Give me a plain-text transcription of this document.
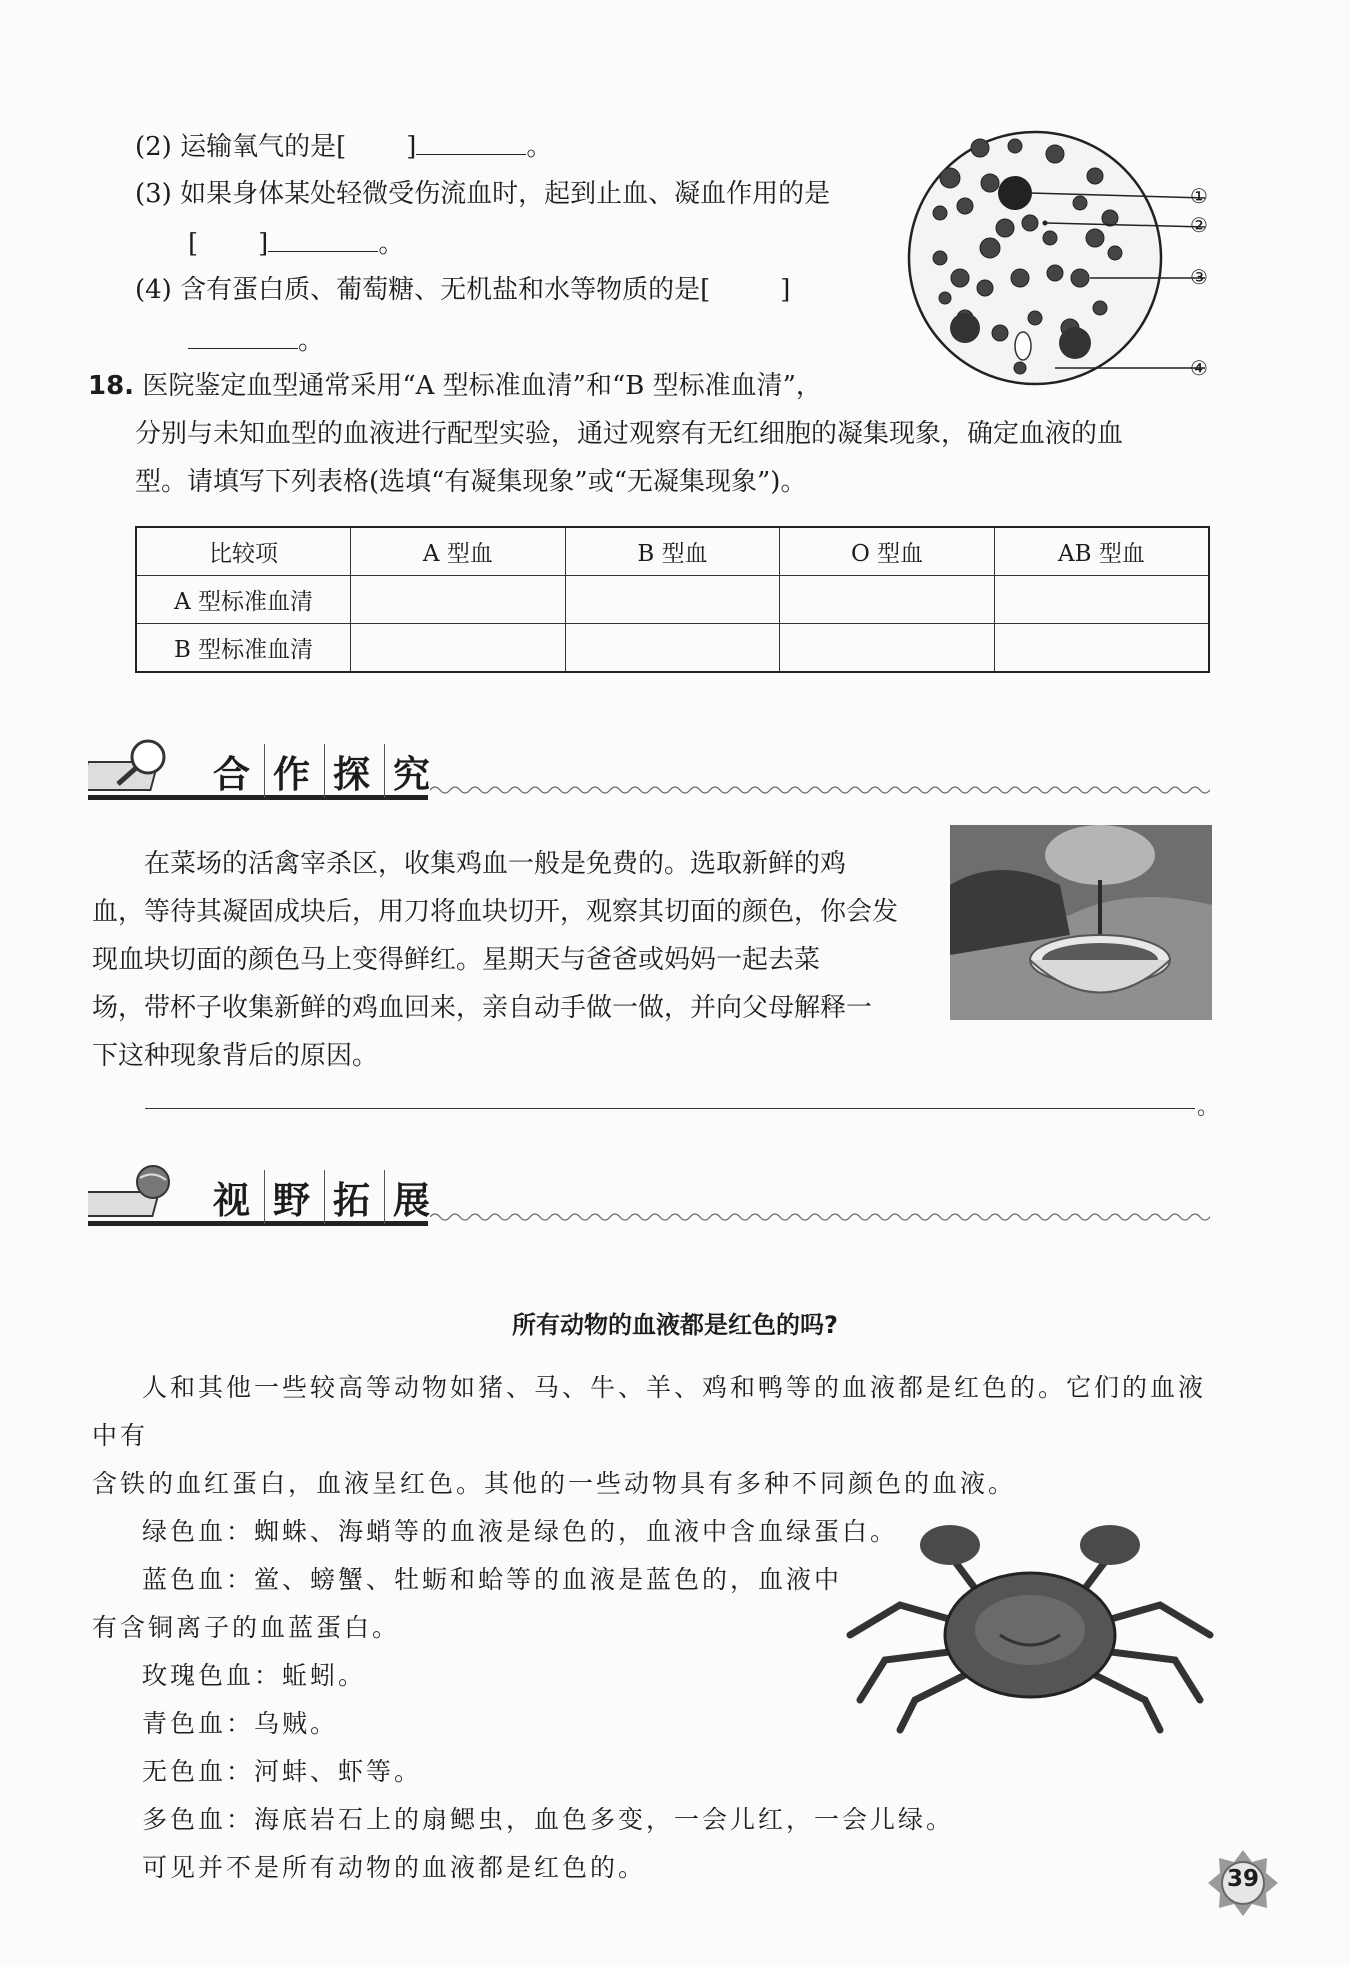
(2) 运输氧气的是[ ]	。
(3) 如果身体某处轻微受伤流血时，起到止血、凝血作用的是
[ ]	。
(4) 含有蛋白质、葡萄糖、无机盐和水等物质的是[	]
。
①
②
③
④
18. 医院鉴定血型通常采用“A 型标准血清”和“B 型标准血清”，
分别与未知血型的血液进行配型实验，通过观察有无红细胞的凝集现象，确定血液的血
型。请填写下列表格(选填“有凝集现象”或“无凝集现象”)。
比较项	A 型血	B 型血	O 型血	AB 型血
A 型标准血清				
B 型标准血清				
合 作 探 究

在菜场的活禽宰杀区，收集鸡血一般是免费的。选取新鲜的鸡

血，等待其凝固成块后，用刀将血块切开，观察其切面的颜色，你会发

现血块切面的颜色马上变得鲜红。星期天与爸爸或妈妈一起去菜

场，带杯子收集新鲜的鸡血回来，亲自动手做一做，并向父母解释一

下这种现象背后的原因。

。
视 野 拓 展
所有动物的血液都是红色的吗?

人和其他一些较高等动物如猪、马、牛、羊、鸡和鸭等的血液都是红色的。它们的血液中有

含铁的血红蛋白，血液呈红色。其他的一些动物具有多种不同颜色的血液。

绿色血：蜘蛛、海蛸等的血液是绿色的，血液中含血绿蛋白。

蓝色血：鲎、螃蟹、牡蛎和蛤等的血液是蓝色的，血液中

有含铜离子的血蓝蛋白。

玫瑰色血：蚯蚓。

青色血：乌贼。

无色血：河蚌、虾等。

多色血：海底岩石上的扇鳃虫，血色多变，一会儿红，一会儿绿。

可见并不是所有动物的血液都是红色的。	39
